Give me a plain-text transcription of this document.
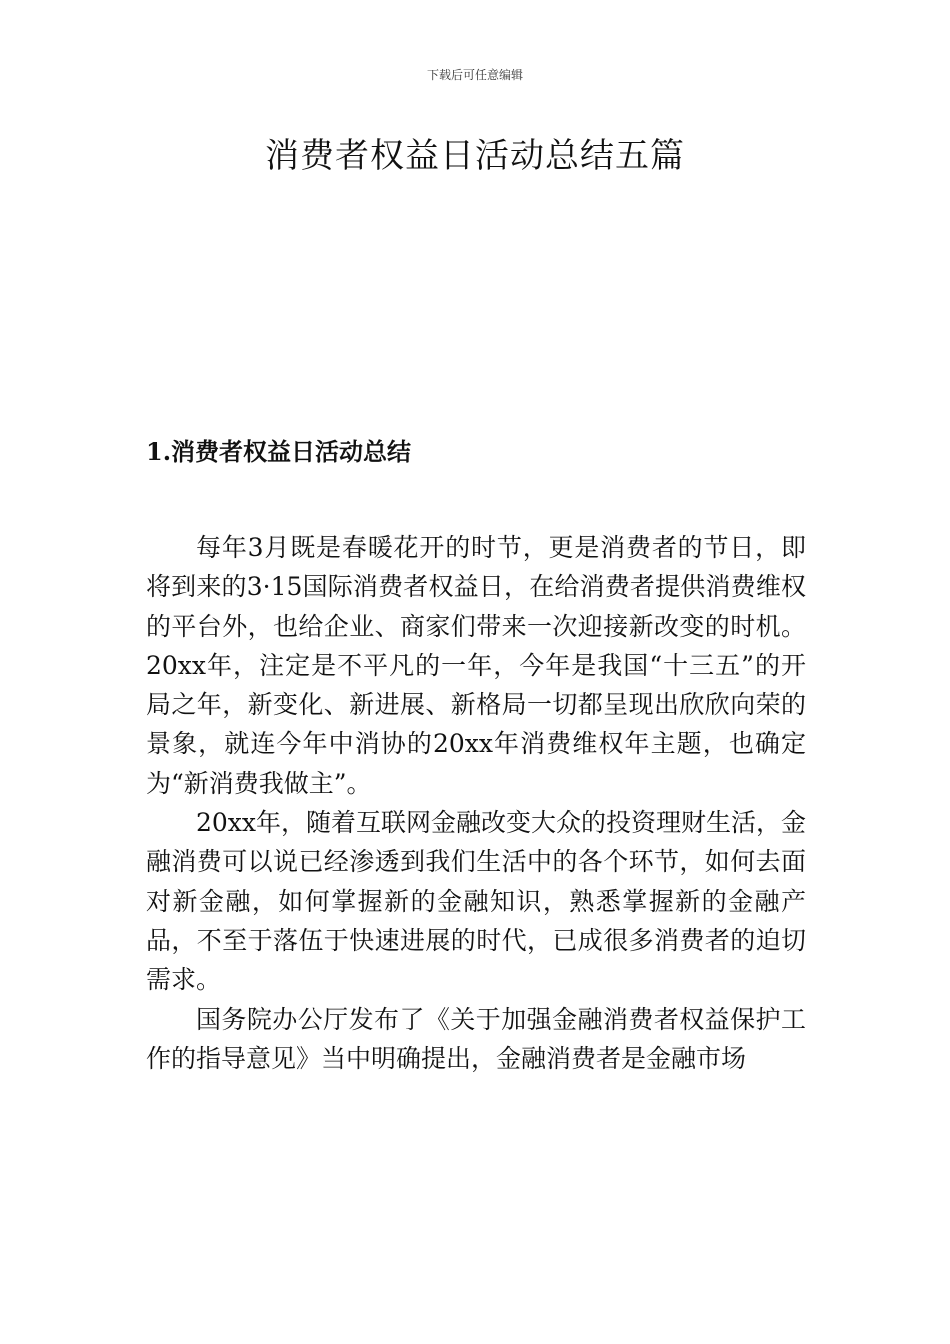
下载后可任意编辑
消费者权益日活动总结五篇
1.消费者权益日活动总结

每年3月既是春暖花开的时节，更是消费者的节日，即将到来的3·15国际消费者权益日，在给消费者提供消费维权的平台外，也给企业、商家们带来一次迎接新改变的时机。20xx年，注定是不平凡的一年，今年是我国“十三五”的开局之年，新变化、新进展、新格局一切都呈现出欣欣向荣的景象，就连今年中消协的20xx年消费维权年主题，也确定为“新消费我做主”。

20xx年，随着互联网金融改变大众的投资理财生活，金融消费可以说已经渗透到我们生活中的各个环节，如何去面对新金融，如何掌握新的金融知识，熟悉掌握新的金融产品，不至于落伍于快速进展的时代，已成很多消费者的迫切需求。

国务院办公厅发布了《关于加强金融消费者权益保护工作的指导意见》当中明确提出，金融消费者是金融市场
